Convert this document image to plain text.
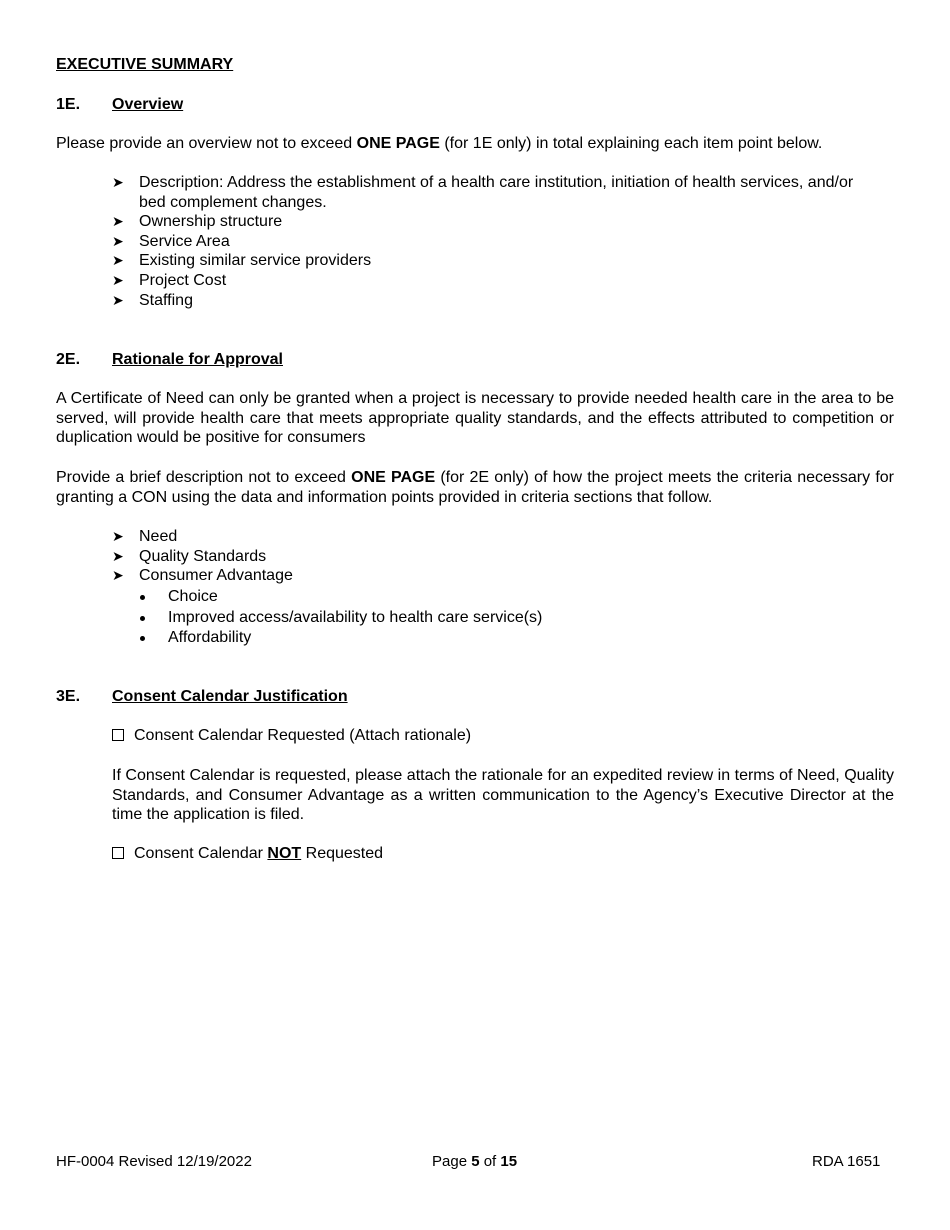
EXECUTIVE SUMMARY
1E. Overview
Please provide an overview not to exceed ONE PAGE (for 1E only) in total explaining each item point below.
➤ Description: Address the establishment of a health care institution, initiation of health services, and/or bed complement changes.
➤ Ownership structure
➤ Service Area
➤ Existing similar service providers
➤ Project Cost
➤ Staffing
2E. Rationale for Approval
A Certificate of Need can only be granted when a project is necessary to provide needed health care in the area to be served, will provide health care that meets appropriate quality standards, and the effects attributed to competition or duplication would be positive for consumers
Provide a brief description not to exceed ONE PAGE (for 2E only) of how the project meets the criteria necessary for granting a CON using the data and information points provided in criteria sections that follow.
➤ Need
➤ Quality Standards
➤ Consumer Advantage
Choice
Improved access/availability to health care service(s)
Affordability
3E. Consent Calendar Justification
Consent Calendar Requested (Attach rationale)
If Consent Calendar is requested, please attach the rationale for an expedited review in terms of Need, Quality Standards, and Consumer Advantage as a written communication to the Agency’s Executive Director at the time the application is filed.
Consent Calendar NOT Requested
HF-0004 Revised 12/19/2022	Page 5 of 15	RDA 1651
